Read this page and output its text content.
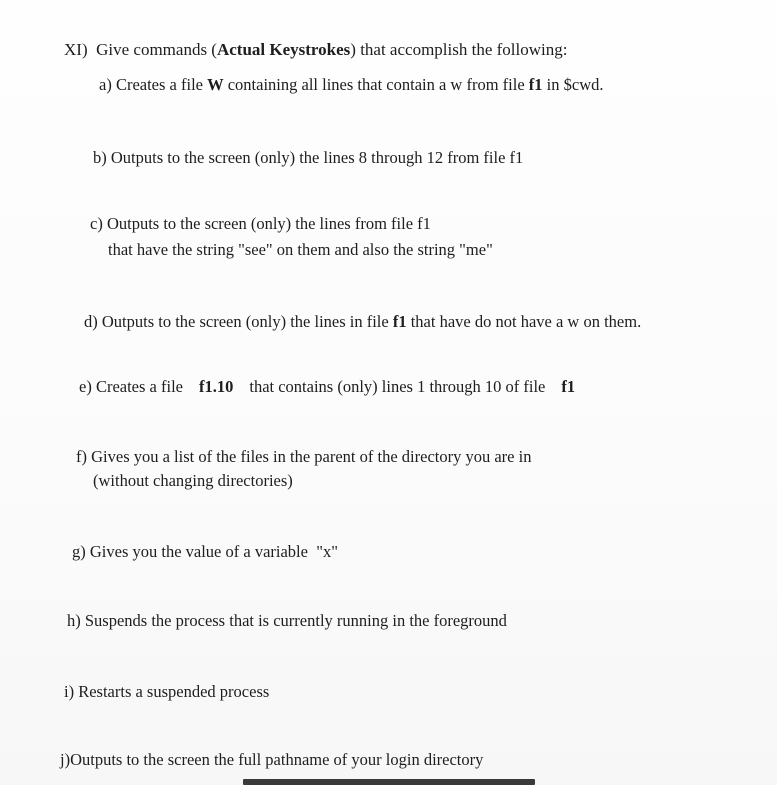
XI) Give commands (Actual Keystrokes) that accomplish the following:
a) Creates a file W containing all lines that contain a w from file f1 in $cwd.
b) Outputs to the screen (only) the lines 8 through 12 from file f1
c) Outputs to the screen (only) the lines from file f1
that have the string "see" on them and also the string "me"
d) Outputs to the screen (only) the lines in file f1 that have do not have a w on them.
e) Creates a file f1.10 that contains (only) lines 1 through 10 of file f1
f) Gives you a list of the files in the parent of the directory you are in
(without changing directories)
g) Gives you the value of a variable  "x"
h) Suspends the process that is currently running in the foreground
i) Restarts a suspended process
j)Outputs to the screen the full pathname of your login directory
